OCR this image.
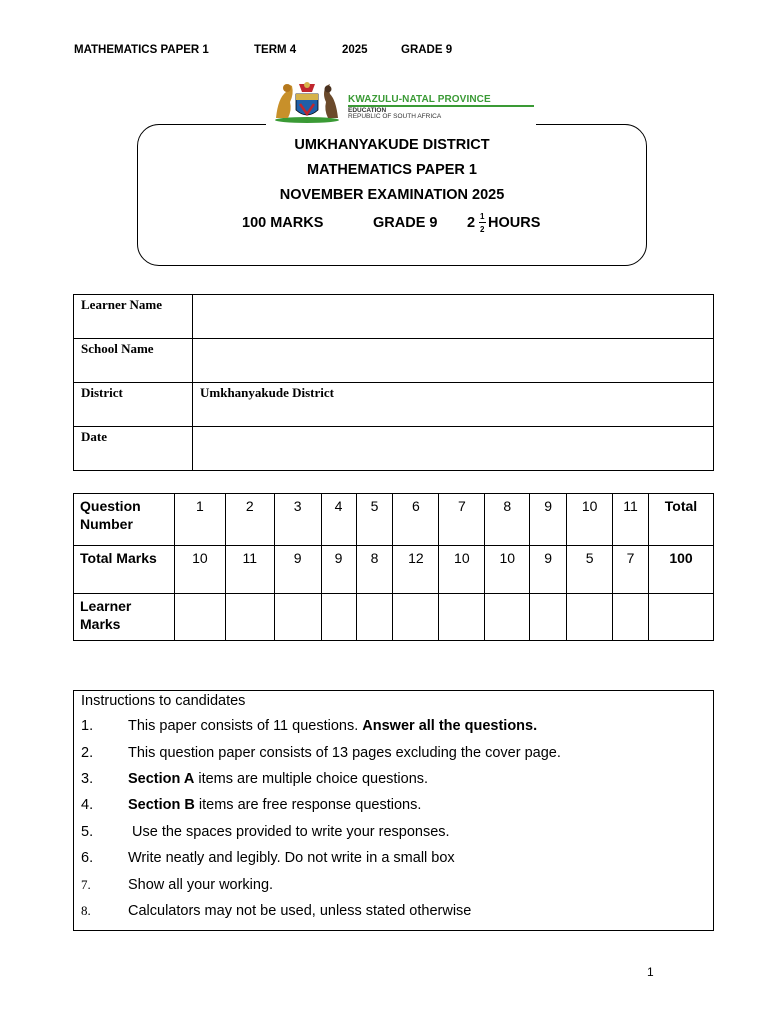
MATHEMATICS PAPER 1	TERM 4	2025	GRADE 9
UMKHANYAKUDE DISTRICT
MATHEMATICS PAPER 1
NOVEMBER EXAMINATION 2025
100 MARKS	GRADE 9 2 1
2 HOURS
KWAZULU-NATAL PROVINCE
EDUCATION
REPUBLIC OF SOUTH AFRICA
Learner Name	
School Name	
District	Umkhanyakude District
Date	
Question Number	1	2	3	4	5	6	7	8	9	10	11	Total
Total Marks	10	11	9	9	8	12	10	10	9	5	7	100
Learner Marks												
Instructions to candidates
1. This paper consists of 11 questions. Answer all the questions.
2. This question paper consists of 13 pages excluding the cover page.
3. Section A items are multiple choice questions.
4. Section B items are free response questions.
5. Use the spaces provided to write your responses.
6. Write neatly and legibly. Do not write in a small box
7.	Show all your working.
8.	Calculators may not be used, unless stated otherwise
1
